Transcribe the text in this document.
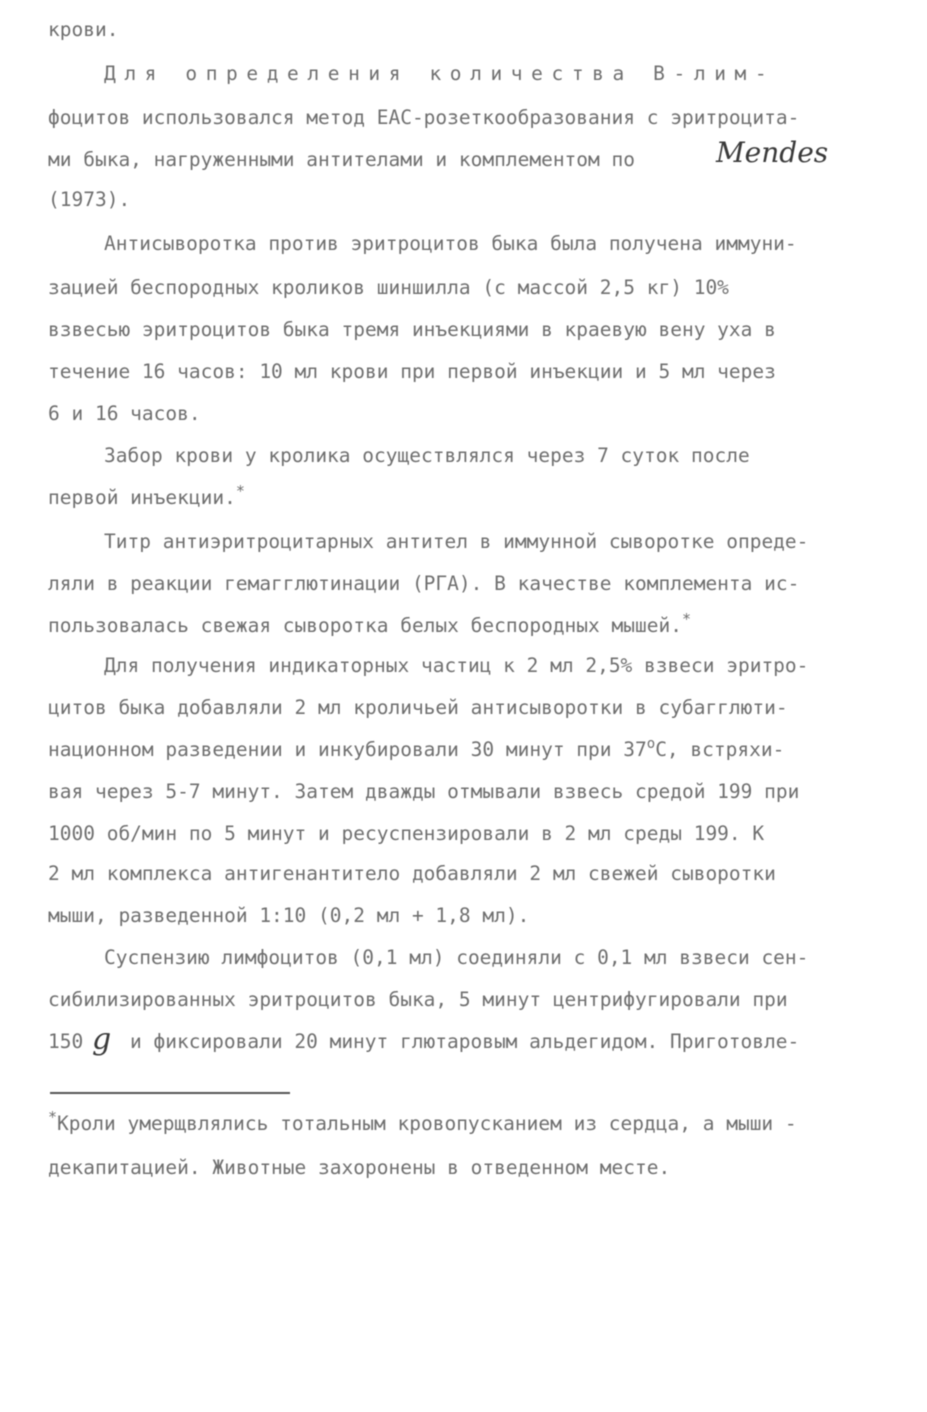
крови.
Для определения количества В-лим-
фоцитов использовался метод ЕАС-розеткообразования с эритроцита-
ми быка, нагруженными антителами и комплементом по	Mendes
(1973).
Антисыворотка против эритроцитов быка была получена иммуни-
зацией беспородных кроликов шиншилла (с массой 2,5 кг) 10%
взвесью эритроцитов быка тремя инъекциями в краевую вену уха в
течение 16 часов: 10 мл крови при первой инъекции и 5 мл через
6 и 16 часов.
Забор крови у кролика осуществлялся через 7 суток после
первой инъекции.*
Титр антиэритроцитарных антител в иммунной сыворотке опреде-
ляли в реакции гемагглютинации (РГА). В качестве комплемента ис-
пользовалась свежая сыворотка белых беспородных мышей.*
Для получения индикаторных частиц к 2 мл 2,5% взвеси эритро-
цитов быка добавляли 2 мл кроличьей антисыворотки в субагглюти-
национном разведении и инкубировали 30 минут при $37^оС$, встряхи-
вая через 5-7 минут. Затем дважды отмывали взвесь средой 199 при
1000 об/мин по 5 минут и ресуспензировали в 2 мл среды 199. К
2 мл комплекса антигенантитело добавляли 2 мл свежей сыворотки
мыши, разведенной 1:10 (0,2 мл + 1,8 мл).
Суспензию лимфоцитов (0,1 мл) соединяли с 0,1 мл взвеси сен-
сибилизированных эритроцитов быка, 5 минут центрифугировали при
150 g и фиксировали 20 минут глютаровым альдегидом. Приготовле-
*Кроли умерщвлялись тотальным кровопусканием из сердца, а мыши -
декапитацией. Животные захоронены в отведенном месте.
